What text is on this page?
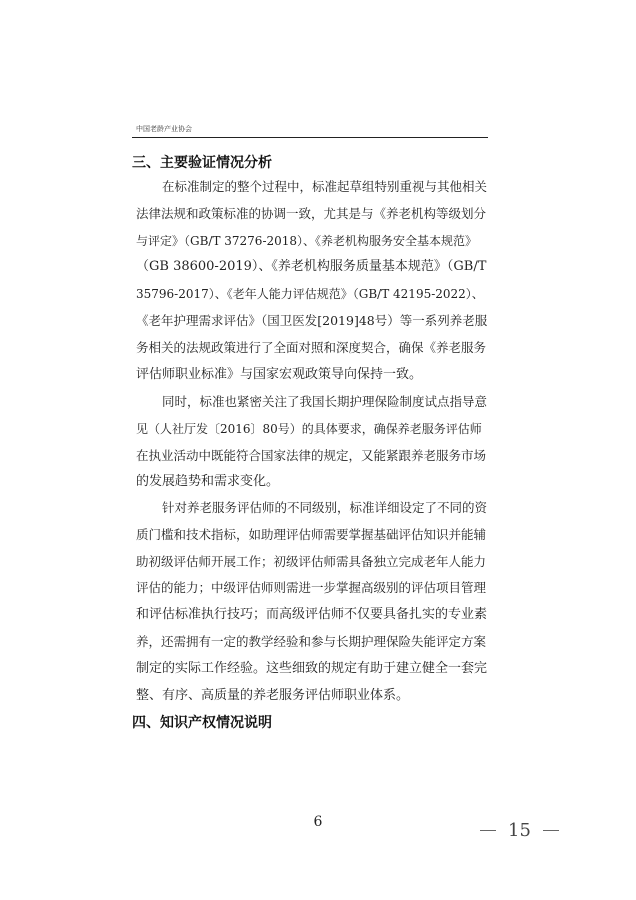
中国老龄产业协会
三、主要验证情况分析

在标准制定的整个过程中，标准起草组特别重视与其他相关
法律法规和政策标准的协调一致，尤其是与《养老机构等级划分
与评定》（GB/T 37276-2018）、《养老机构服务安全基本规范》
（GB 38600-2019）、《养老机构服务质量基本规范》（GB/T
35796-2017）、《老年人能力评估规范》（GB/T 42195-2022）、
《老年护理需求评估》（国卫医发[2019]48号）等一系列养老服
务相关的法规政策进行了全面对照和深度契合，确保《养老服务
评估师职业标准》与国家宏观政策导向保持一致。

同时，标准也紧密关注了我国长期护理保险制度试点指导意
见（人社厅发〔2016〕80号）的具体要求，确保养老服务评估师
在执业活动中既能符合国家法律的规定，又能紧跟养老服务市场
的发展趋势和需求变化。

针对养老服务评估师的不同级别，标准详细设定了不同的资
质门槛和技术指标，如助理评估师需要掌握基础评估知识并能辅
助初级评估师开展工作；初级评估师需具备独立完成老年人能力
评估的能力；中级评估师则需进一步掌握高级别的评估项目管理
和评估标准执行技巧；而高级评估师不仅要具备扎实的专业素
养，还需拥有一定的教学经验和参与长期护理保险失能评定方案
制定的实际工作经验。这些细致的规定有助于建立健全一套完
整、有序、高质量的养老服务评估师职业体系。

四、知识产权情况说明
6	15
